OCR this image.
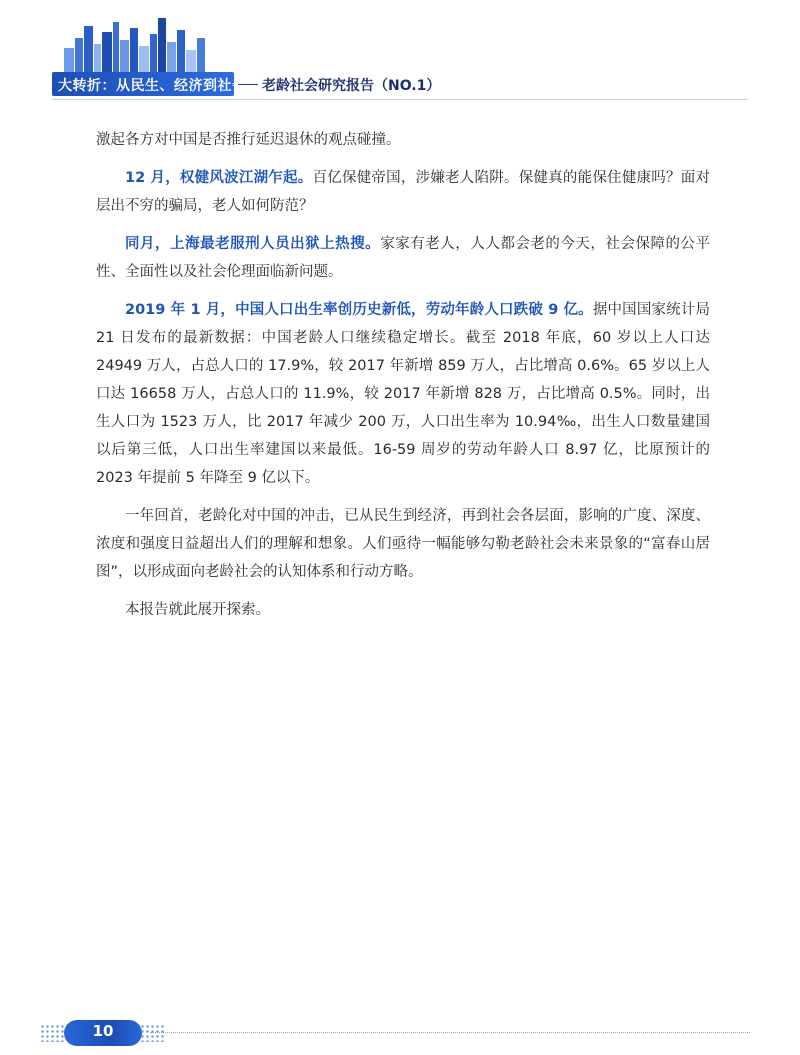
大转折：从民生、经济到社会 老龄社会研究报告（NO.1）

激起各方对中国是否推行延迟退休的观点碰撞。

12 月，权健风波江湖乍起。百亿保健帝国，涉嫌老人陷阱。保健真的能保住健康吗？面对层出不穷的骗局，老人如何防范？

同月，上海最老服刑人员出狱上热搜。家家有老人，人人都会老的今天，社会保障的公平性、全面性以及社会伦理面临新问题。

2019 年 1 月，中国人口出生率创历史新低，劳动年龄人口跌破 9 亿。据中国国家统计局 21 日发布的最新数据：中国老龄人口继续稳定增长。截至 2018 年底，60 岁以上人口达 24949 万人，占总人口的 17.9%，较 2017 年新增 859 万人，占比增高 0.6%。65 岁以上人口达 16658 万人，占总人口的 11.9%，较 2017 年新增 828 万，占比增高 0.5%。同时，出生人口为 1523 万人，比 2017 年减少 200 万，人口出生率为 10.94‰，出生人口数量建国以后第三低，人口出生率建国以来最低。16-59 周岁的劳动年龄人口 8.97 亿，比原预计的 2023 年提前 5 年降至 9 亿以下。

一年回首，老龄化对中国的冲击，已从民生到经济，再到社会各层面，影响的广度、深度、浓度和强度日益超出人们的理解和想象。人们亟待一幅能够勾勒老龄社会未来景象的“富春山居图”，以形成面向老龄社会的认知体系和行动方略。

本报告就此展开探索。

10
